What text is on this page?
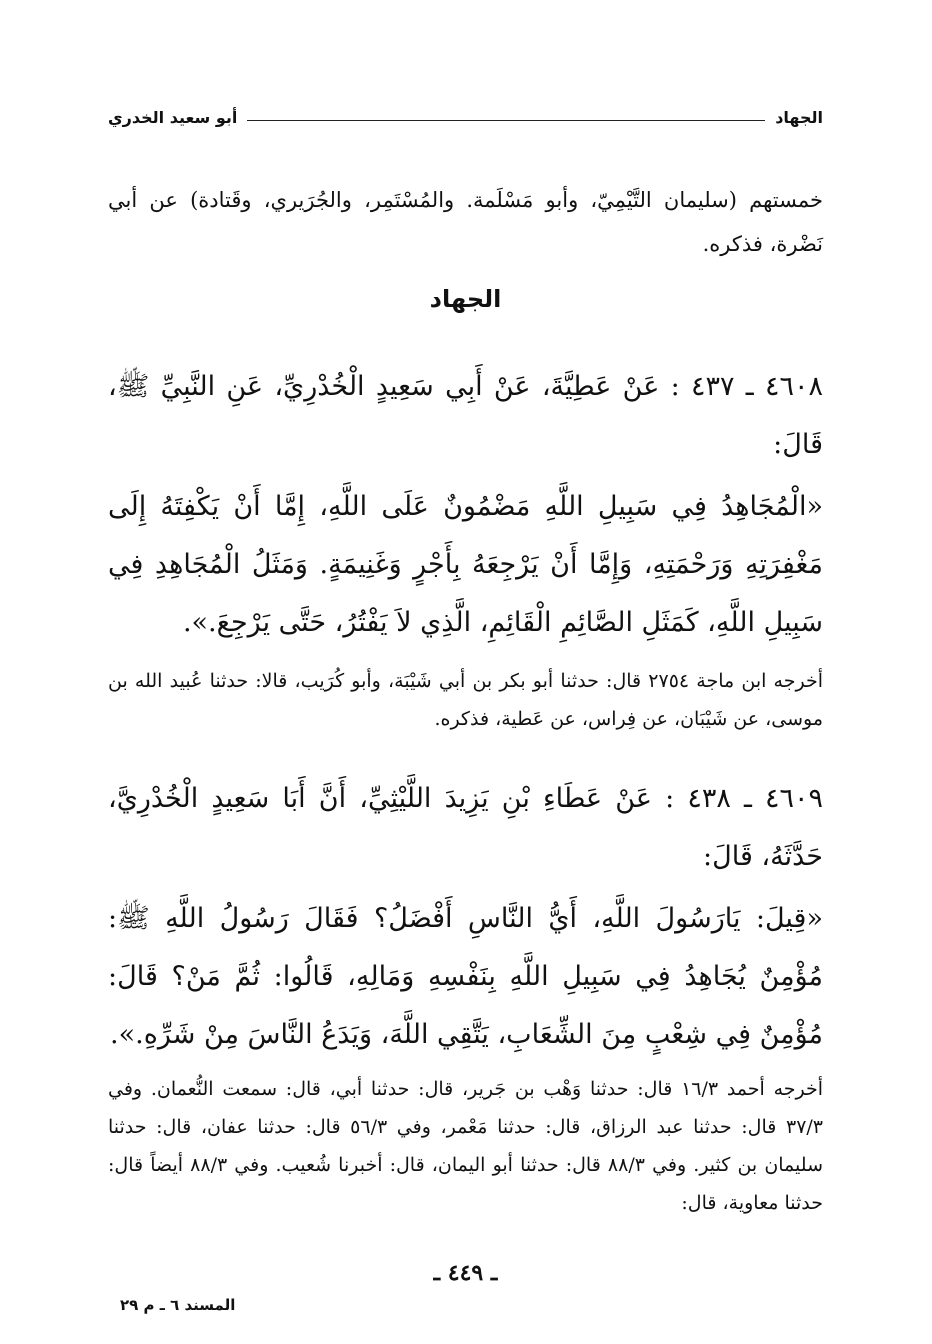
الجهاد
أبو سعيد الخدري

خمستهم (سليمان التَّيْمِيّ، وأبو مَسْلَمة. والمُسْتَمِر، والجُرَيري، وقَتادة) عن أبي نَضْرة، فذكره.

الجهاد

٤٦٠٨ ـ ٤٣٧ : عَنْ عَطِيَّةَ، عَنْ أَبِي سَعِيدٍ الْخُدْرِيِّ، عَنِ النَّبِيِّ ﷺ، قَالَ:

«الْمُجَاهِدُ فِي سَبِيلِ اللَّهِ مَضْمُونٌ عَلَى اللَّهِ، إِمَّا أَنْ يَكْفِتَهُ إِلَى مَغْفِرَتِهِ وَرَحْمَتِهِ، وَإِمَّا أَنْ يَرْجِعَهُ بِأَجْرٍ وَغَنِيمَةٍ. وَمَثَلُ الْمُجَاهِدِ فِي سَبِيلِ اللَّهِ، كَمَثَلِ الصَّائِمِ الْقَائِمِ، الَّذِي لاَ يَفْتُرُ، حَتَّى يَرْجِعَ.».

أخرجه ابن ماجة ٢٧٥٤ قال: حدثنا أبو بكر بن أبي شَيْبَة، وأبو كُرَيب، قالا: حدثنا عُبيد الله بن موسى، عن شَيْبَان، عن فِراس، عن عَطية، فذكره.

٤٦٠٩ ـ ٤٣٨ : عَنْ عَطَاءِ بْنِ يَزِيدَ اللَّيْثِيِّ، أَنَّ أَبَا سَعِيدٍ الْخُدْرِيَّ، حَدَّثَهُ، قَالَ:

«قِيلَ: يَارَسُولَ اللَّهِ، أَيُّ النَّاسِ أَفْضَلُ؟ فَقَالَ رَسُولُ اللَّهِ ﷺ: مُؤْمِنٌ يُجَاهِدُ فِي سَبِيلِ اللَّهِ بِنَفْسِهِ وَمَالِهِ، قَالُوا: ثُمَّ مَنْ؟ قَالَ: مُؤْمِنٌ فِي شِعْبٍ مِنَ الشِّعَابِ، يَتَّقِي اللَّهَ، وَيَدَعُ النَّاسَ مِنْ شَرِّهِ.».

أخرجه أحمد ١٦/٣ قال: حدثنا وَهْب بن جَرير، قال: حدثنا أبي، قال: سمعت النُّعمان. وفي ٣٧/٣ قال: حدثنا عبد الرزاق، قال: حدثنا مَعْمر، وفي ٥٦/٣ قال: حدثنا عفان، قال: حدثنا سليمان بن كثير. وفي ٨٨/٣ قال: حدثنا أبو اليمان، قال: أخبرنا شُعيب. وفي ٨٨/٣ أيضاً قال: حدثنا معاوية، قال:

ـ ٤٤٩ ـ
المسند ٦ ـ م ٢٩
